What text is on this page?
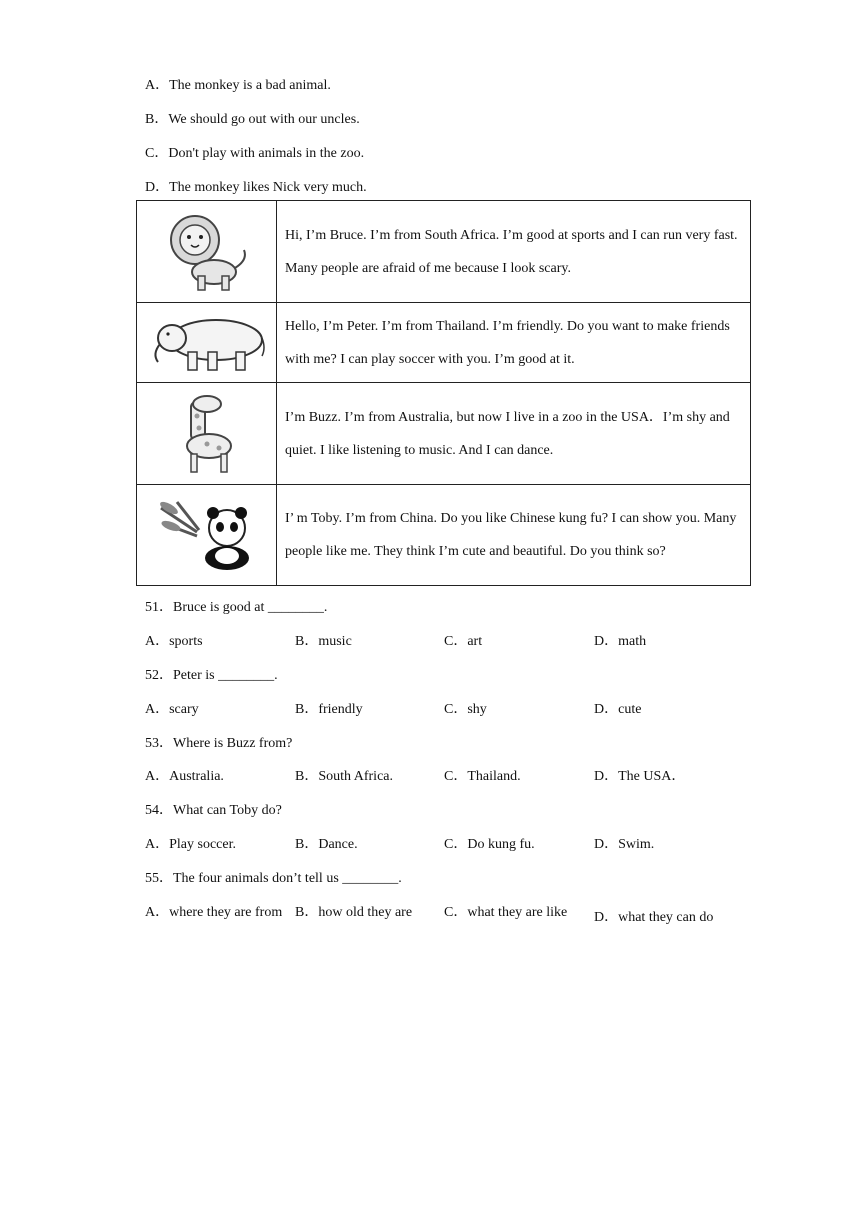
A．The monkey is a bad animal.
B．We should go out with our uncles.
C．Don't play with animals in the zoo.
D．The monkey likes Nick very much.
	Hi, I’m Bruce. I’m from South Africa. I’m good at sports and I can run very fast. Many people are afraid of me because I look scary.

	Hello, I’m Peter. I’m from Thailand. I’m friendly. Do you want to make friends with me? I can play soccer with you. I’m good at it.

	I’m Buzz. I’m from Australia, but now I live in a zoo in the USA．I’m shy and quiet. I like listening to music. And I can dance.

	I’ m Toby. I’m from China. Do you like Chinese kung fu? I can show you. Many people like me. They think I’m cute and beautiful. Do you think so?
51．Bruce is good at ________.
A．sports	B．music	C．art	D．math
52．Peter is ________.
A．scary	B．friendly	C．shy	D．cute
53．Where is Buzz from?
A．Australia.	B．South Africa.	C．Thailand.	D．The USA．
54．What can Toby do?
A．Play soccer.	B．Dance.	C．Do kung fu.	D．Swim.
55．The four animals don’t tell us ________.
A．where they are from B．how old they are C．what they are like D．what they can do
